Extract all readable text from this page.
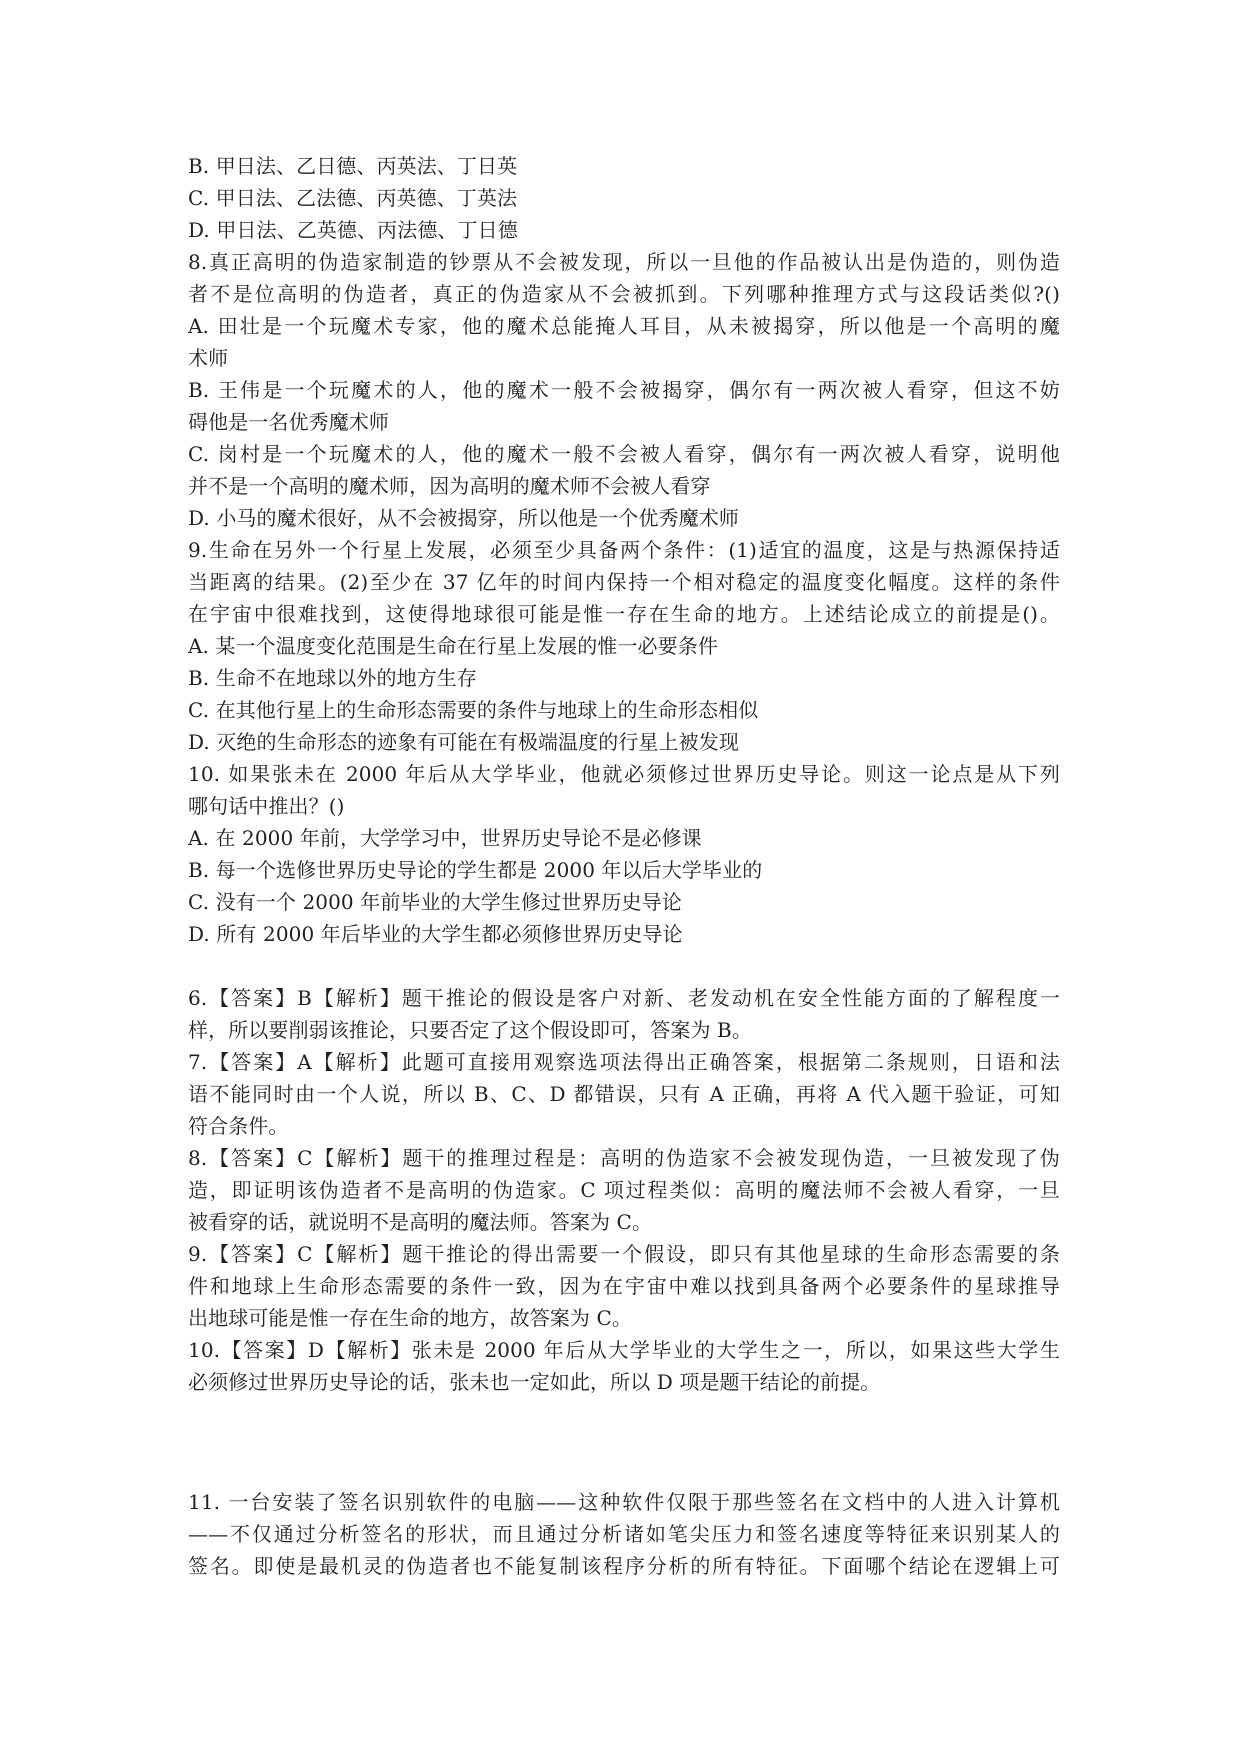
B. 甲日法、乙日德、丙英法、丁日英
C. 甲日法、乙法德、丙英德、丁英法
D. 甲日法、乙英德、丙法德、丁日德
8.真正高明的伪造家制造的钞票从不会被发现，所以一旦他的作品被认出是伪造的，则伪造
者不是位高明的伪造者，真正的伪造家从不会被抓到。下列哪种推理方式与这段话类似?()
A. 田壮是一个玩魔术专家，他的魔术总能掩人耳目，从未被揭穿，所以他是一个高明的魔
术师
B. 王伟是一个玩魔术的人，他的魔术一般不会被揭穿，偶尔有一两次被人看穿，但这不妨
碍他是一名优秀魔术师
C. 岗村是一个玩魔术的人，他的魔术一般不会被人看穿，偶尔有一两次被人看穿，说明他
并不是一个高明的魔术师，因为高明的魔术师不会被人看穿
D. 小马的魔术很好，从不会被揭穿，所以他是一个优秀魔术师
9.生命在另外一个行星上发展，必须至少具备两个条件：(1)适宜的温度，这是与热源保持适
当距离的结果。(2)至少在 37 亿年的时间内保持一个相对稳定的温度变化幅度。这样的条件
在宇宙中很难找到，这使得地球很可能是惟一存在生命的地方。上述结论成立的前提是()。
A. 某一个温度变化范围是生命在行星上发展的惟一必要条件
B. 生命不在地球以外的地方生存
C. 在其他行星上的生命形态需要的条件与地球上的生命形态相似
D. 灭绝的生命形态的迹象有可能在有极端温度的行星上被发现
10. 如果张未在 2000 年后从大学毕业，他就必须修过世界历史导论。则这一论点是从下列
哪句话中推出？()
A. 在 2000 年前，大学学习中，世界历史导论不是必修课
B. 每一个选修世界历史导论的学生都是 2000 年以后大学毕业的
C. 没有一个 2000 年前毕业的大学生修过世界历史导论
D. 所有 2000 年后毕业的大学生都必须修世界历史导论
6.【答案】B【解析】题干推论的假设是客户对新、老发动机在安全性能方面的了解程度一
样，所以要削弱该推论，只要否定了这个假设即可，答案为 B。
7.【答案】A【解析】此题可直接用观察选项法得出正确答案，根据第二条规则，日语和法
语不能同时由一个人说，所以 B、C、D 都错误，只有 A 正确，再将 A 代入题干验证，可知
符合条件。
8.【答案】C【解析】题干的推理过程是：高明的伪造家不会被发现伪造，一旦被发现了伪
造，即证明该伪造者不是高明的伪造家。C 项过程类似：高明的魔法师不会被人看穿，一旦
被看穿的话，就说明不是高明的魔法师。答案为 C。
9.【答案】C【解析】题干推论的得出需要一个假设，即只有其他星球的生命形态需要的条
件和地球上生命形态需要的条件一致，因为在宇宙中难以找到具备两个必要条件的星球推导
出地球可能是惟一存在生命的地方，故答案为 C。
10.【答案】D【解析】张未是 2000 年后从大学毕业的大学生之一，所以，如果这些大学生
必须修过世界历史导论的话，张未也一定如此，所以 D 项是题干结论的前提。
11. 一台安装了签名识别软件的电脑——这种软件仅限于那些签名在文档中的人进入计算机
——不仅通过分析签名的形状，而且通过分析诸如笔尖压力和签名速度等特征来识别某人的
签名。即使是最机灵的伪造者也不能复制该程序分析的所有特征。下面哪个结论在逻辑上可
